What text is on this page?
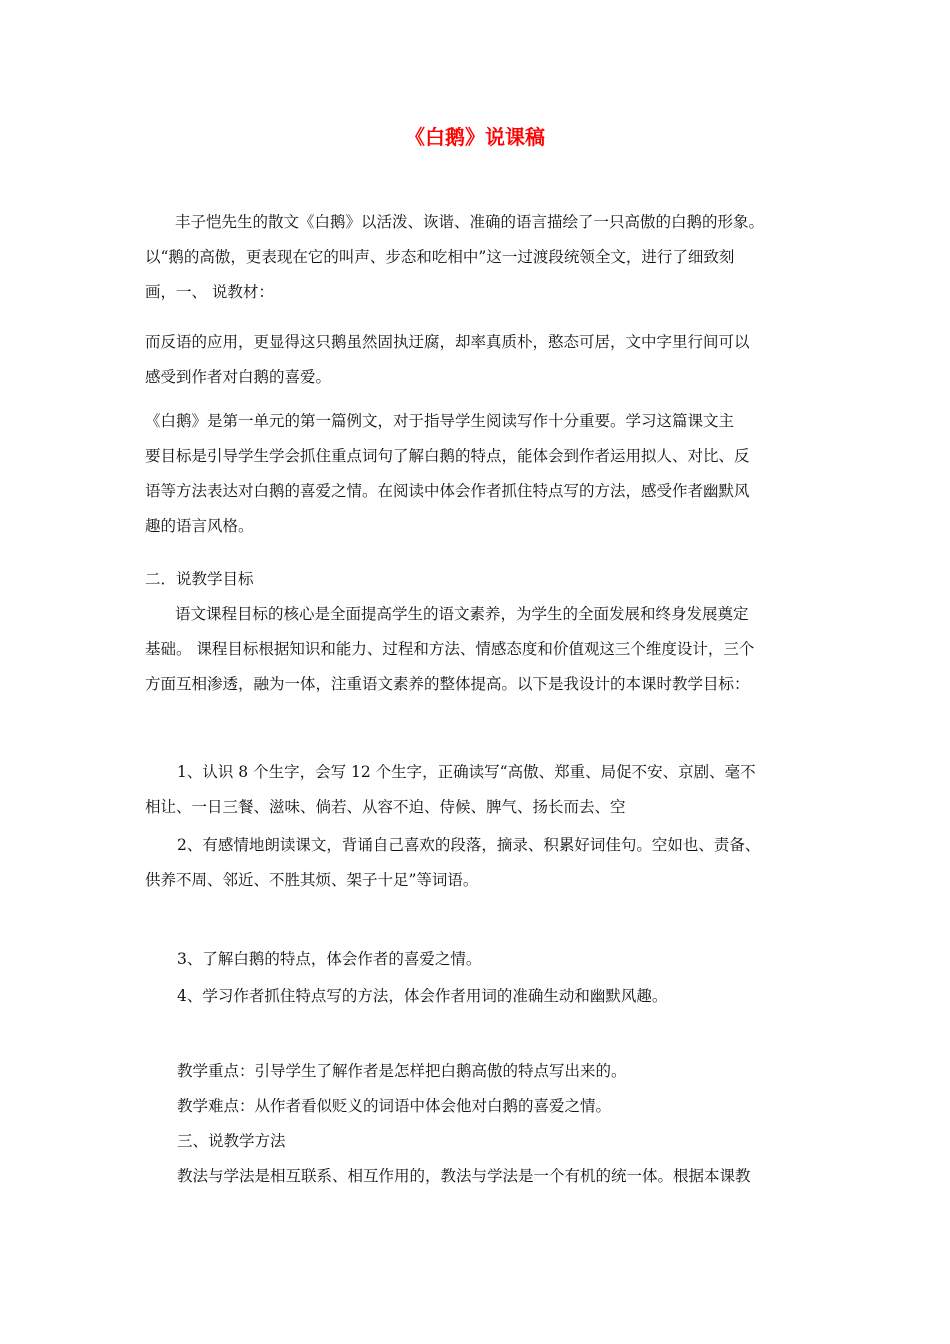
《白鹅》说课稿
丰子恺先生的散文《白鹅》以活泼、诙谐、准确的语言描绘了一只高傲的白鹅的形象。
以“鹅的高傲，更表现在它的叫声、步态和吃相中”这一过渡段统领全文，进行了细致刻
画，一、 说教材：
而反语的应用，更显得这只鹅虽然固执迂腐，却率真质朴，憨态可居，文中字里行间可以
感受到作者对白鹅的喜爱。
《白鹅》是第一单元的第一篇例文，对于指导学生阅读写作十分重要。学习这篇课文主
要目标是引导学生学会抓住重点词句了解白鹅的特点，能体会到作者运用拟人、对比、反
语等方法表达对白鹅的喜爱之情。在阅读中体会作者抓住特点写的方法，感受作者幽默风
趣的语言风格。
二．说教学目标
语文课程目标的核心是全面提高学生的语文素养，为学生的全面发展和终身发展奠定
基础。 课程目标根据知识和能力、过程和方法、情感态度和价值观这三个维度设计，三个
方面互相渗透，融为一体，注重语文素养的整体提高。以下是我设计的本课时教学目标：
1、认识 8 个生字，会写 12 个生字，正确读写“高傲、郑重、局促不安、京剧、毫不
相让、一日三餐、滋味、倘若、从容不迫、侍候、脾气、扬长而去、空
2、有感情地朗读课文，背诵自己喜欢的段落，摘录、积累好词佳句。空如也、责备、
供养不周、邻近、不胜其烦、架子十足”等词语。
3、了解白鹅的特点，体会作者的喜爱之情。
4、学习作者抓住特点写的方法，体会作者用词的准确生动和幽默风趣。
教学重点：引导学生了解作者是怎样把白鹅高傲的特点写出来的。
教学难点：从作者看似贬义的词语中体会他对白鹅的喜爱之情。
三、说教学方法
教法与学法是相互联系、相互作用的，教法与学法是一个有机的统一体。根据本课教
